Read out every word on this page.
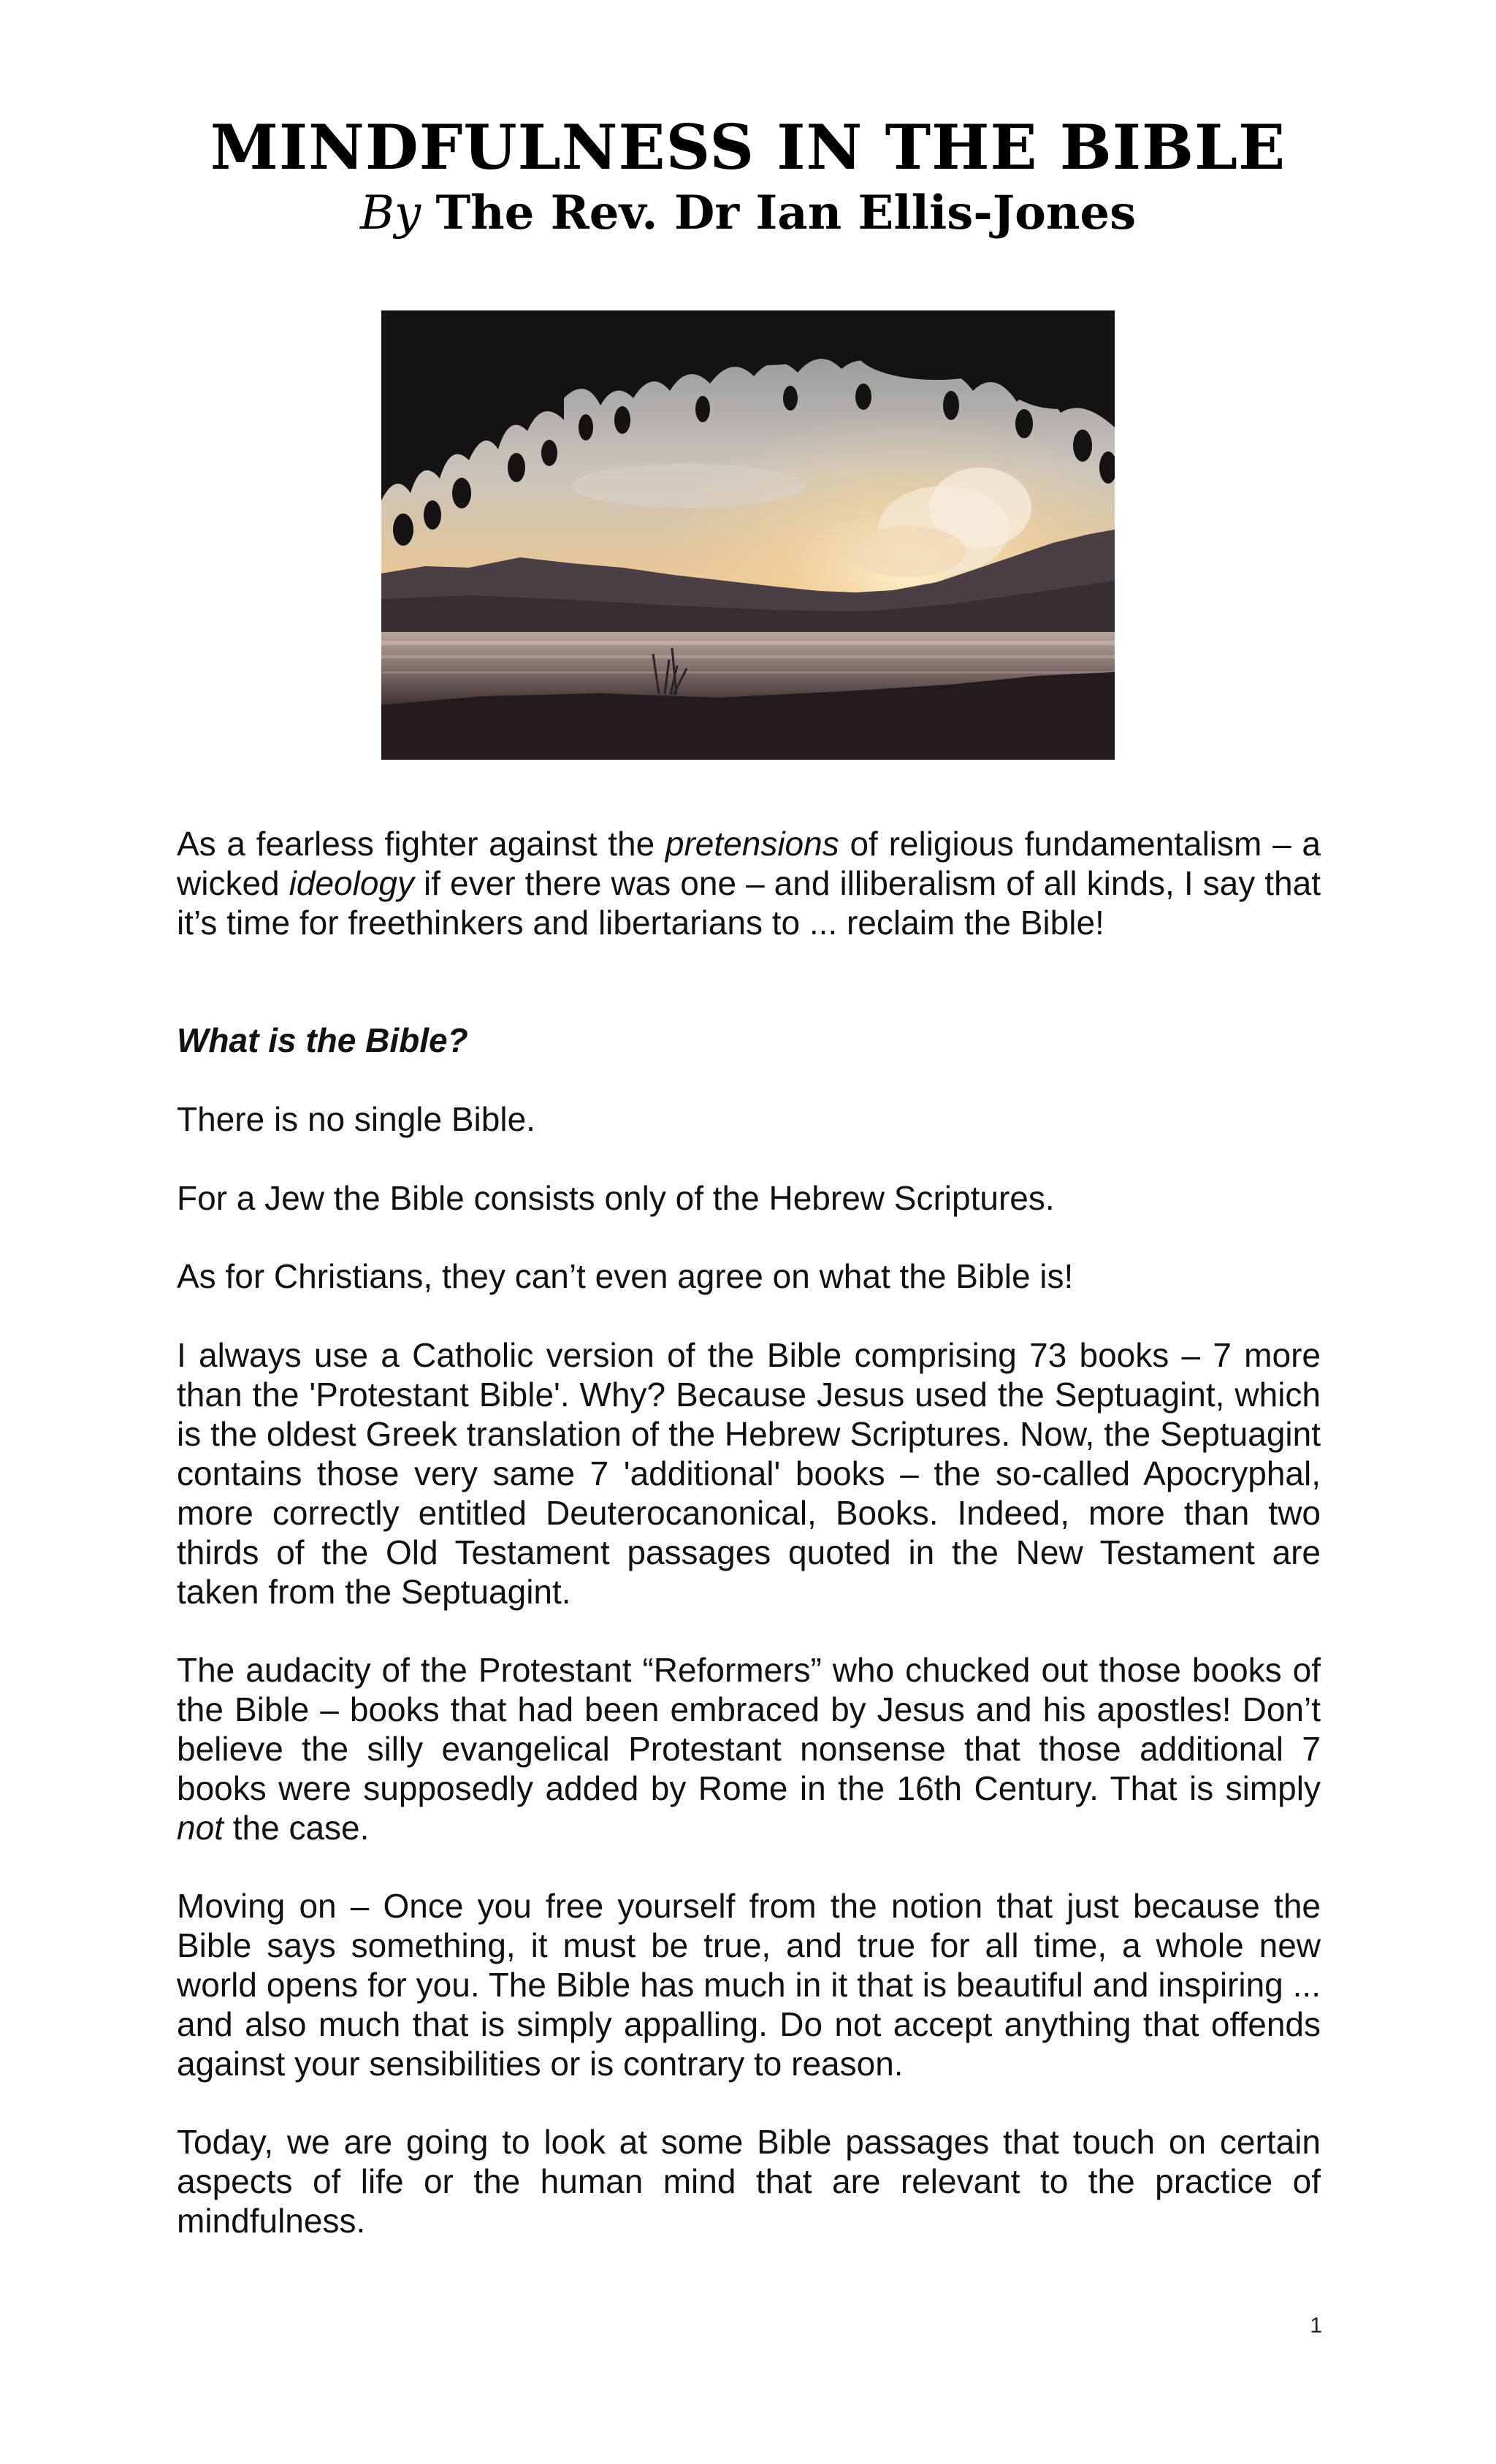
MINDFULNESS IN THE BIBLE
By The Rev. Dr Ian Ellis-Jones

As a fearless fighter against the pretensions of religious fundamentalism – a wicked ideology if ever there was one – and illiberalism of all kinds, I say that it’s time for freethinkers and libertarians to ... reclaim the Bible!

What is the Bible?

There is no single Bible.

For a Jew the Bible consists only of the Hebrew Scriptures.

As for Christians, they can’t even agree on what the Bible is!

I always use a Catholic version of the Bible comprising 73 books – 7 more than the 'Protestant Bible'. Why? Because Jesus used the Septuagint, which is the oldest Greek translation of the Hebrew Scriptures. Now, the Septuagint contains those very same 7 'additional' books – the so-called Apocryphal, more correctly entitled Deuterocanonical, Books. Indeed, more than two thirds of the Old Testament passages quoted in the New Testament are taken from the Septuagint.

The audacity of the Protestant “Reformers” who chucked out those books of the Bible – books that had been embraced by Jesus and his apostles! Don’t believe the silly evangelical Protestant nonsense that those additional 7 books were supposedly added by Rome in the 16th Century. That is simply not the case.

Moving on – Once you free yourself from the notion that just because the Bible says something, it must be true, and true for all time, a whole new world opens for you. The Bible has much in it that is beautiful and inspiring ... and also much that is simply appalling. Do not accept anything that offends against your sensibilities or is contrary to reason.

Today, we are going to look at some Bible passages that touch on certain aspects of life or the human mind that are relevant to the practice of mindfulness.

1
